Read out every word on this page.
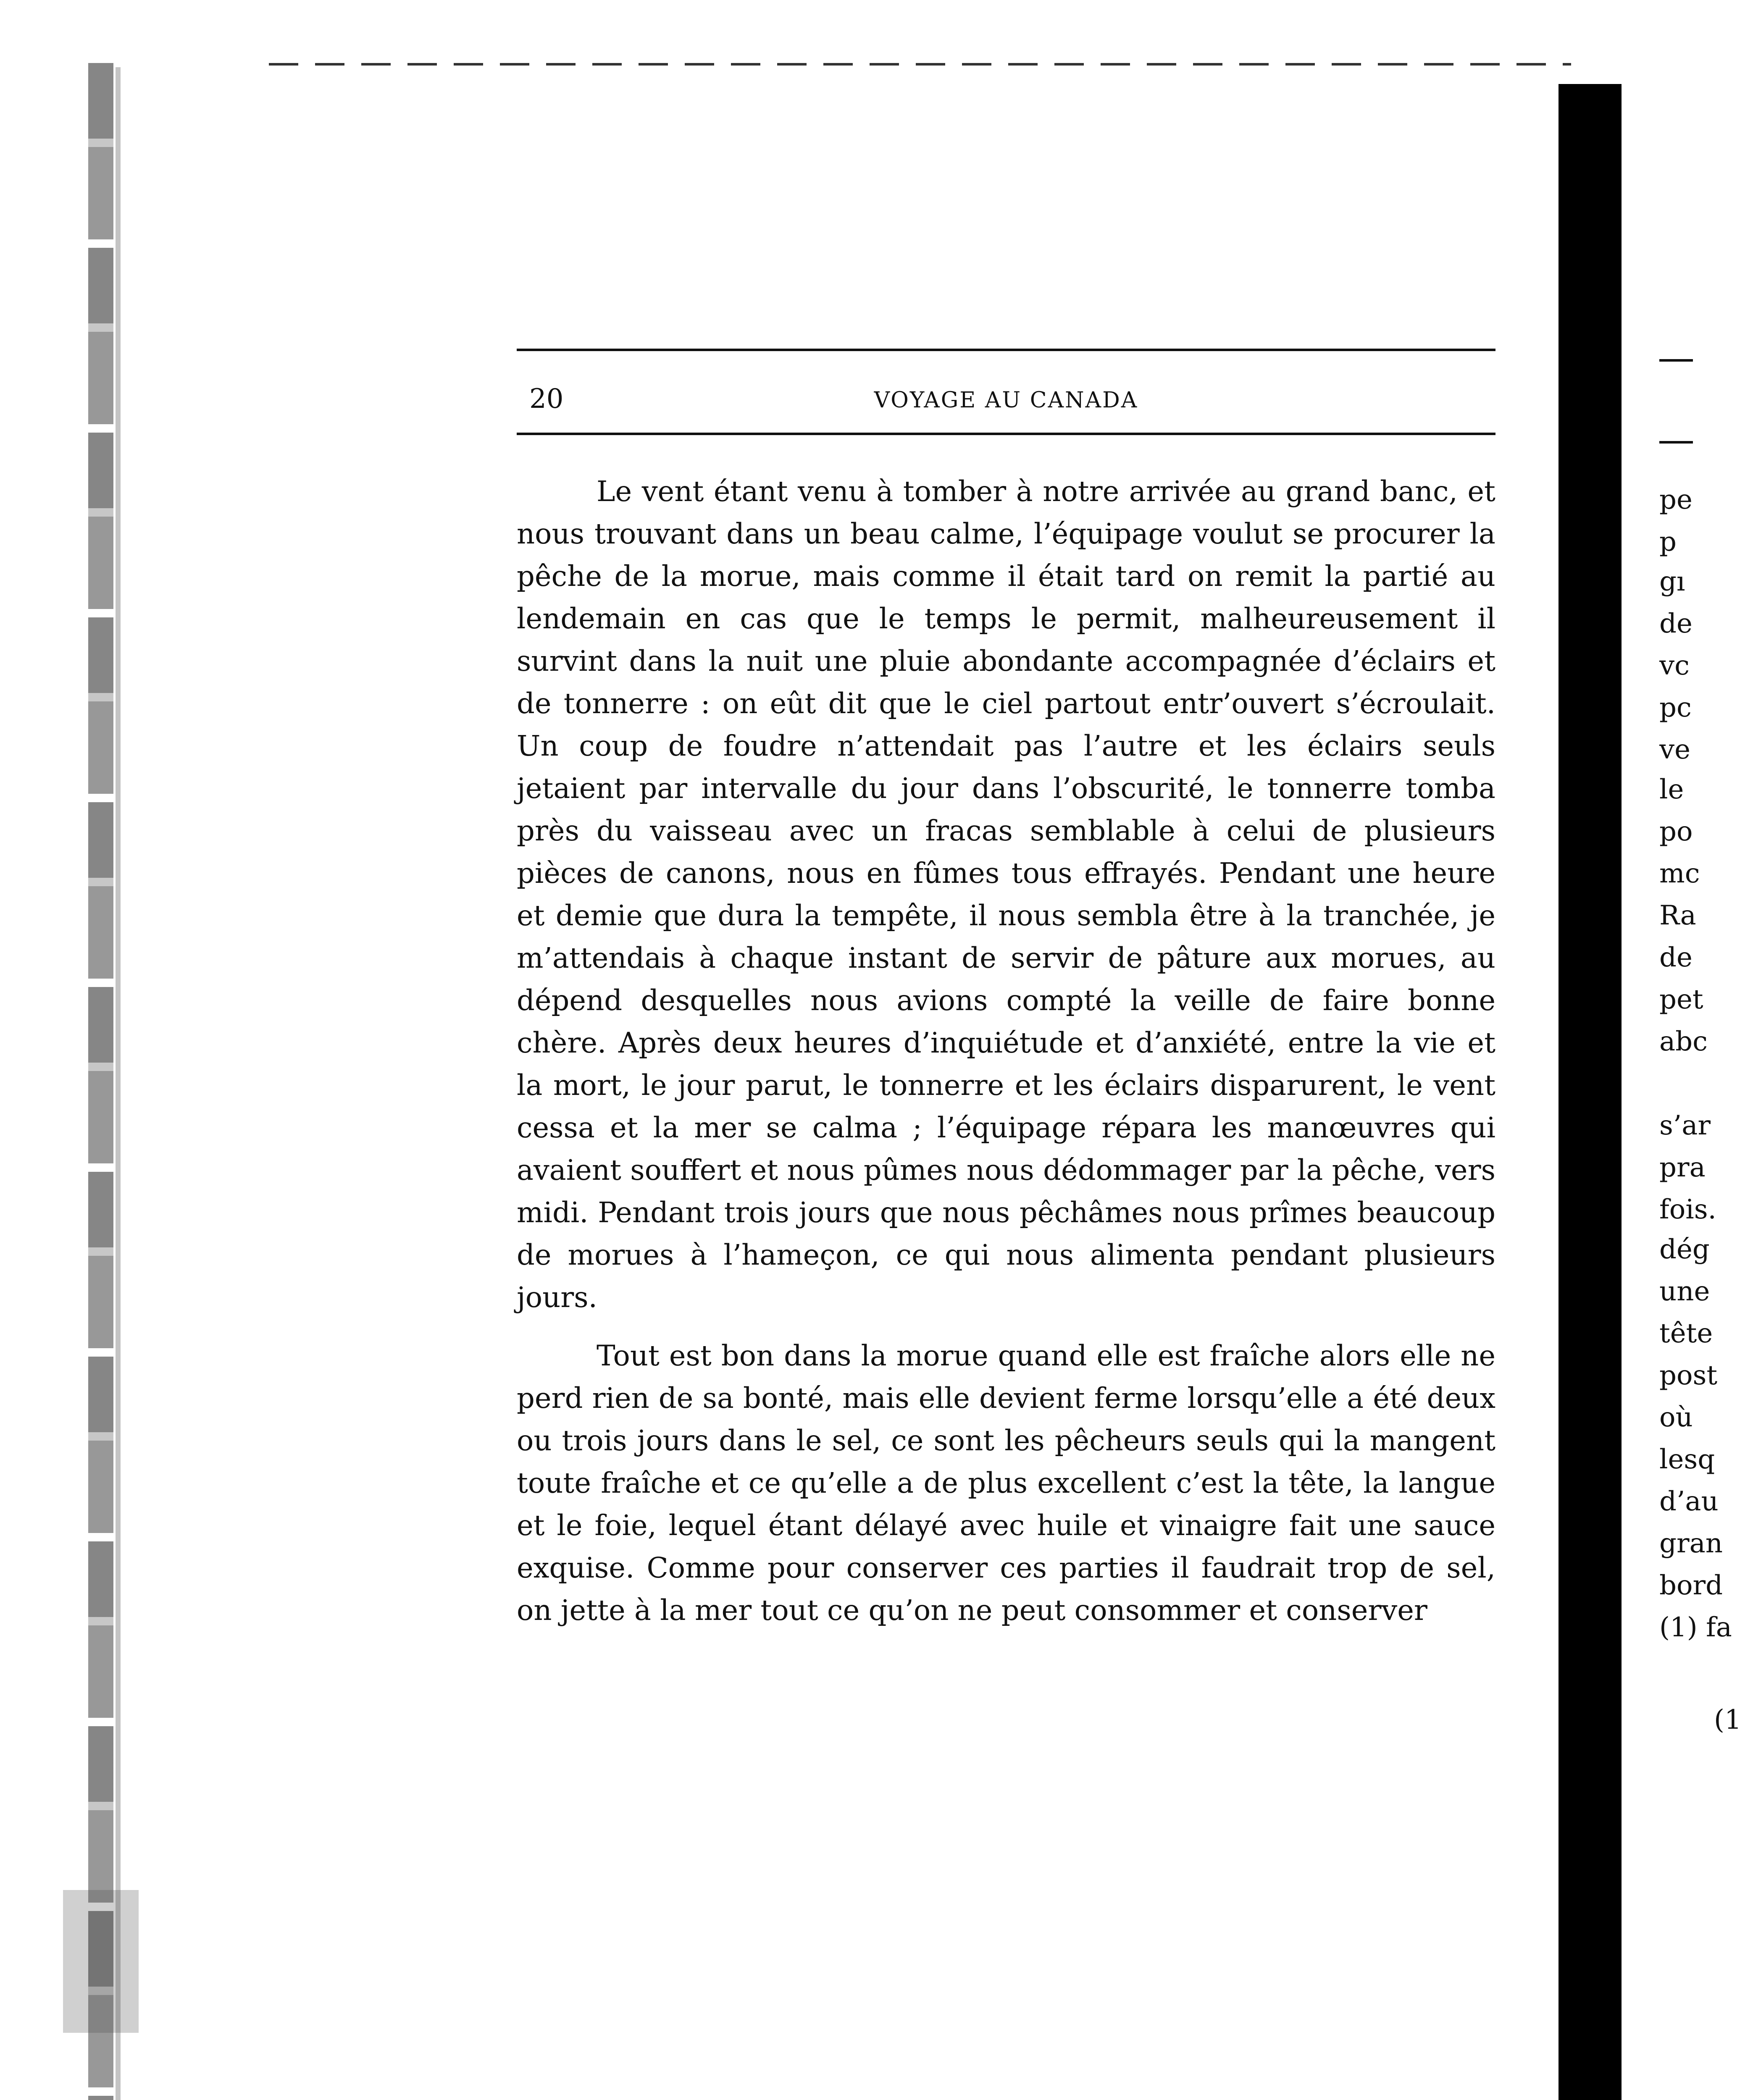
20	VOYAGE AU CANADA

Le vent étant venu à tomber à notre arrivée au grand banc, et nous trouvant dans un beau calme, l’équipage voulut se procurer la pêche de la morue, mais comme il était tard on remit la partié au lendemain en cas que le temps le permit, malheureusement il survint dans la nuit une pluie abondante accompagnée d’éclairs et de tonnerre : on eût dit que le ciel partout entr’ouvert s’écroulait. Un coup de foudre n’attendait pas l’autre et les éclairs seuls jetaient par intervalle du jour dans l’obscurité, le tonnerre tomba près du vaisseau avec un fracas semblable à celui de plusieurs pièces de canons, nous en fûmes tous effrayés. Pendant une heure et demie que dura la tempête, il nous sembla être à la tranchée, je m’attendais à chaque instant de servir de pâture aux morues, au dépend desquelles nous avions compté la veille de faire bonne chère. Après deux heures d’inquiétude et d’anxiété, entre la vie et la mort, le jour parut, le tonnerre et les éclairs disparurent, le vent cessa et la mer se calma ; l’équipage répara les manœuvres qui avaient souffert et nous pûmes nous dédommager par la pêche, vers midi. Pendant trois jours que nous pêchâmes nous prîmes beaucoup de morues à l’hameçon, ce qui nous alimenta pendant plusieurs jours.

Tout est bon dans la morue quand elle est fraîche alors elle ne perd rien de sa bonté, mais elle devient ferme lorsqu’elle a été deux ou trois jours dans le sel, ce sont les pêcheurs seuls qui la mangent toute fraîche et ce qu’elle a de plus excellent c’est la tête, la langue et le foie, lequel étant délayé avec huile et vinaigre fait une sauce exquise. Comme pour conserver ces parties il faudrait trop de sel, on jette à la mer tout ce qu’on ne peut consommer et conserver

pe
p
gı
de
vc
pc
ve
le
po
mc
Ra
de
pet
abc
s’ar
pra
fois.
dég
une
tête
post
où
lesq
d’au
gran
bord
(1) fa
(1
